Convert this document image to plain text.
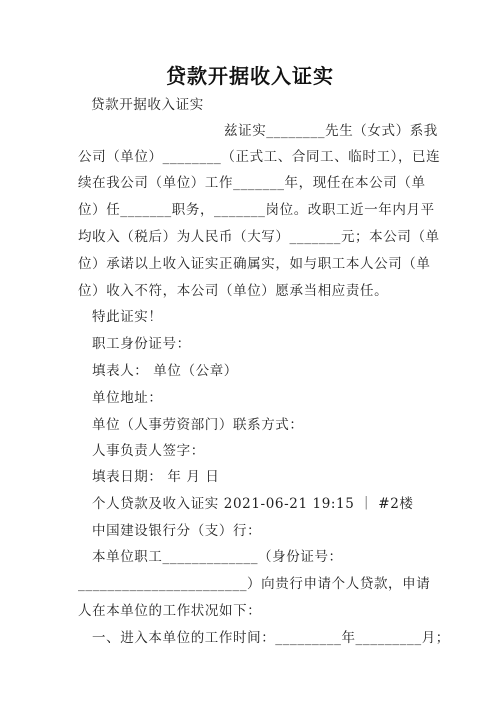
贷款开据收入证实
贷款开据收入证实
兹证实________先生（女式）系我
公司（单位）________（正式工、合同工、临时工），已连
续在我公司（单位）工作_______年，现任在本公司（单
位）任_______职务，_______岗位。改职工近一年内月平
均收入（税后）为人民币（大写）_______元；本公司（单
位）承诺以上收入证实正确属实，如与职工本人公司（单
位）收入不符，本公司（单位）愿承当相应责任。
特此证实！
职工身份证号：
填表人： 单位（公章）
单位地址：
单位（人事劳资部门）联系方式：
人事负责人签字：
填表日期： 年 月 日
个人贷款及收入证实 2021-06-21 19:15 ｜ #2楼
中国建设银行分（支）行：
本单位职工_____________（身份证号：
_______________________）向贵行申请个人贷款，申请
人在本单位的工作状况如下：
一、进入本单位的工作时间：_________年_________月；
